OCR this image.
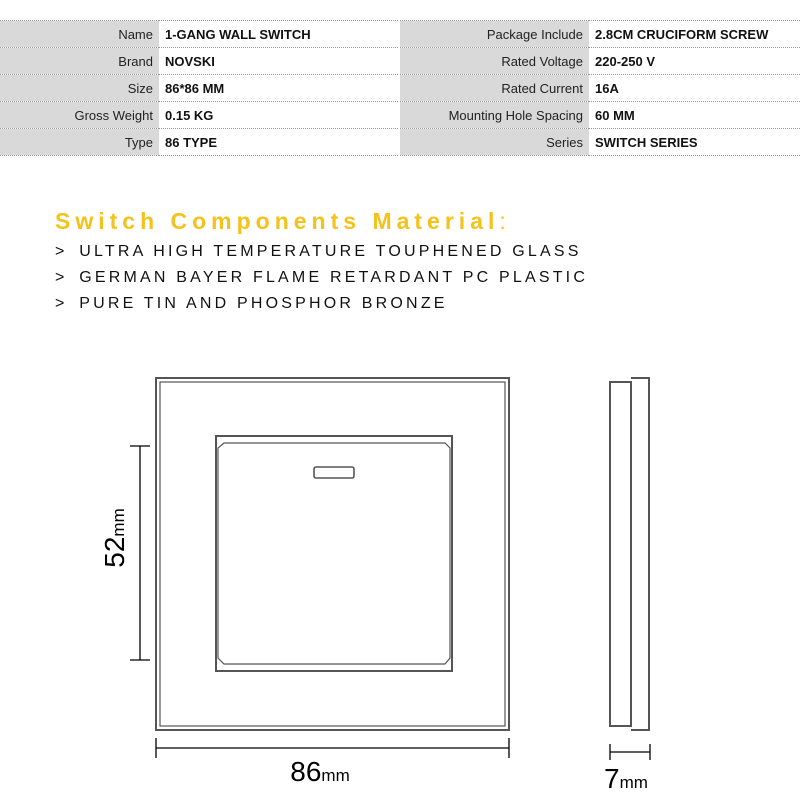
Name	1-GANG WALL SWITCH	Package Include	2.8CM CRUCIFORM SCREW
Brand	NOVSKI	Rated Voltage	220-250 V
Size	86*86 MM	Rated Current	16A
Gross Weight	0.15 KG	Mounting Hole Spacing	60 MM
Type	86 TYPE	Series	SWITCH SERIES
Switch Components Material:
> ULTRA HIGH TEMPERATURE TOUPHENED GLASS
> GERMAN BAYER FLAME RETARDANT PC PLASTIC
> PURE TIN AND PHOSPHOR BRONZE
52mm
86mm	7mm
